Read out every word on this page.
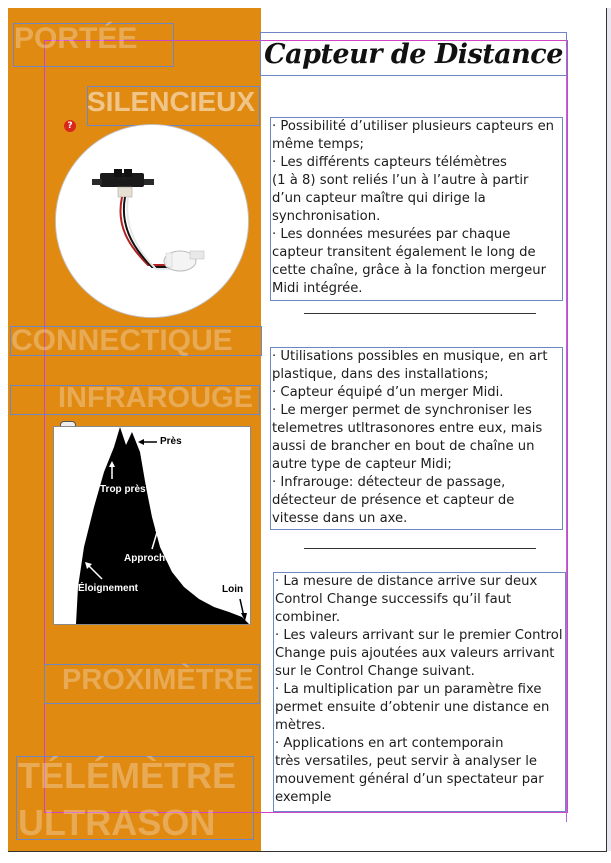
PORTÉE
SILENCIEUX
?
CONNECTIQUE
INFRAROUGE
Près
Trop près
Approche
Éloignement	Loin
PROXIMÈTRE
TÉLÉMÈTRE
ULTRASON
Capteur de Distance

· Possibilité d’utiliser plusieurs capteurs en

même temps;

· Les différents capteurs télémètres

(1 à 8) sont reliés l’un à l’autre à partir

d’un capteur maître qui dirige la

synchronisation.

· Les données mesurées par chaque

capteur transitent également le long de

cette chaîne, grâce à la fonction mergeur

Midi intégrée.

· Utilisations possibles en musique, en art

plastique, dans des installations;

· Capteur équipé d’un merger Midi.

· Le merger permet de synchroniser les

telemetres utltrasonores entre eux, mais

aussi de brancher en bout de chaîne un

autre type de capteur Midi;

· Infrarouge: détecteur de passage,

détecteur de présence et capteur de

vitesse dans un axe.

· La mesure de distance arrive sur deux

Control Change successifs qu’il faut

combiner.

· Les valeurs arrivant sur le premier Control

Change puis ajoutées aux valeurs arrivant

sur le Control Change suivant.

· La multiplication par un paramètre fixe

permet ensuite d’obtenir une distance en

mètres.

· Applications en art contemporain

très versatiles, peut servir à analyser le

mouvement général d’un spectateur par

exemple
